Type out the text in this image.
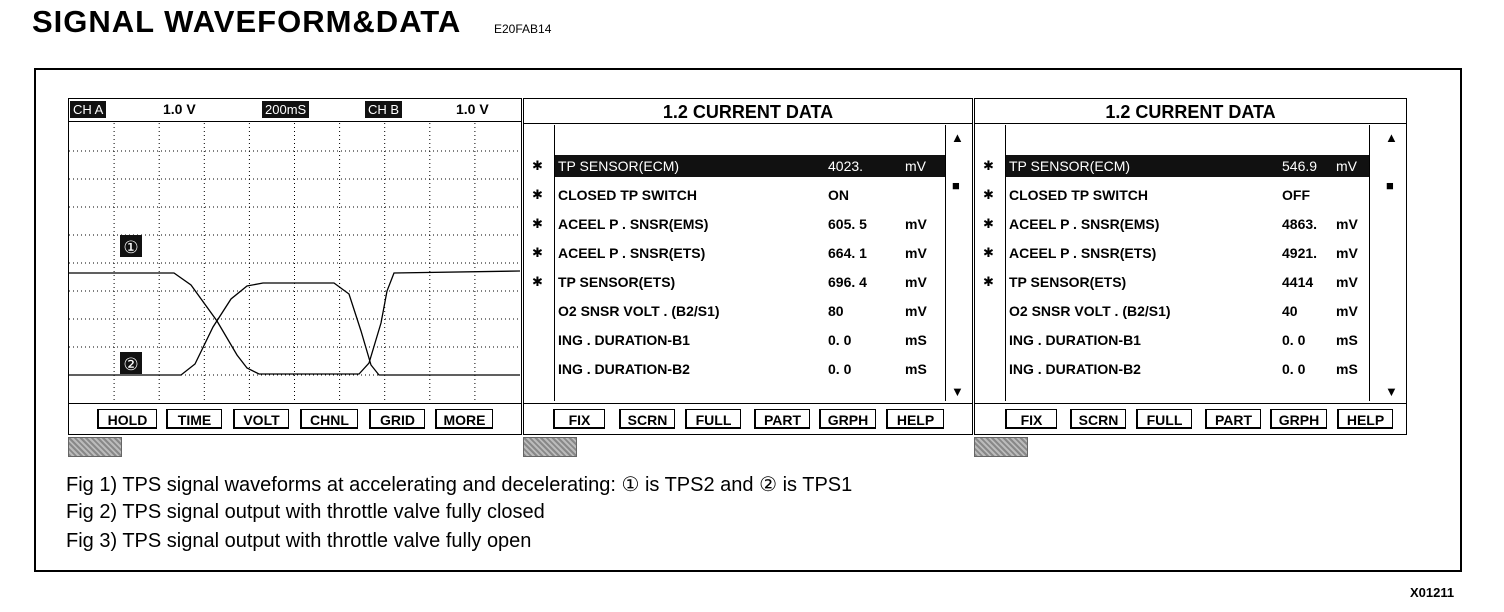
SIGNAL WAVEFORM&DATA	E20FAB14
CH A	1.0 V	200mS	CH B	1.0 V
①
②
HOLD	TIME	VOLT	CHNL	GRID	MORE
1.2 CURRENT DATA
✱
✱
✱
✱
✱
TP SENSOR(ECM)	4023.	mV
CLOSED TP SWITCH	ON
ACEEL P . SNSR(EMS)	605. 5	mV
ACEEL P . SNSR(ETS)	664. 1	mV
TP SENSOR(ETS)	696. 4	mV
O2 SNSR VOLT . (B2/S1)	80	mV
ING . DURATION-B1	0. 0	mS
ING . DURATION-B2	0. 0	mS
▲
■
▼
FIX	SCRN	FULL	PART	GRPH	HELP
1.2 CURRENT DATA
✱
✱
✱
✱
✱
TP SENSOR(ECM)	546.9 mV
CLOSED TP SWITCH	OFF
ACEEL P . SNSR(EMS)	4863. mV
ACEEL P . SNSR(ETS)	4921. mV
TP SENSOR(ETS)	4414 mV
O2 SNSR VOLT . (B2/S1)	40	mV
ING . DURATION-B1	0. 0 mS
ING . DURATION-B2	0. 0 mS
▲
■
▼
FIX	SCRN	FULL	PART	GRPH	HELP
Fig 1) TPS signal waveforms at accelerating and decelerating: ① is TPS2 and ② is TPS1
Fig 2) TPS signal output with throttle valve fully closed
Fig 3) TPS signal output with throttle valve fully open
X01211
